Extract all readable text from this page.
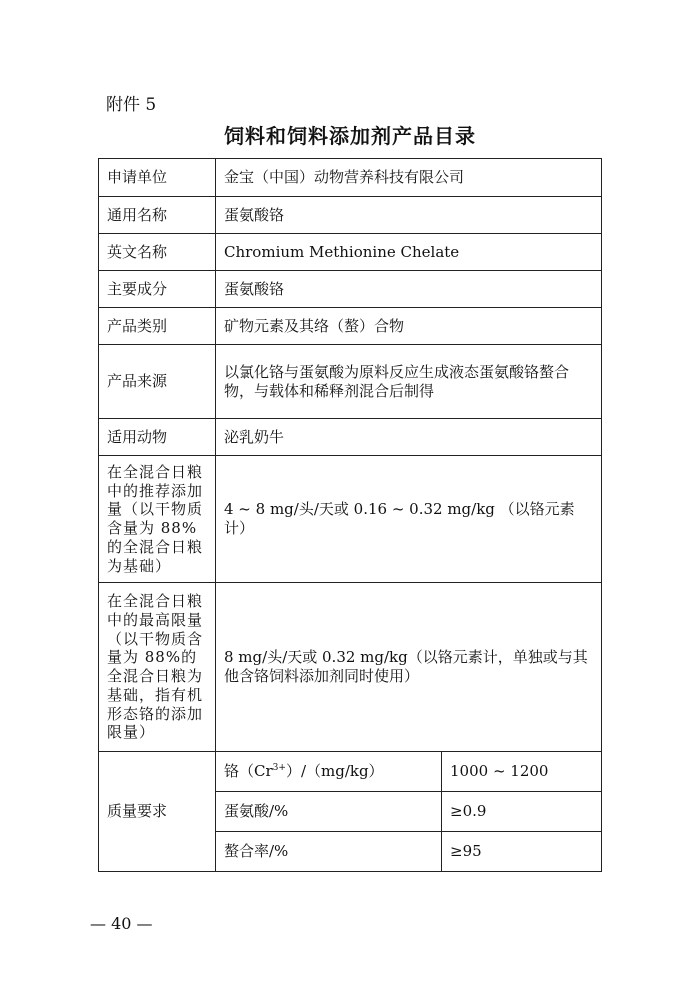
附件 5
饲料和饲料添加剂产品目录
申请单位	金宝（中国）动物营养科技有限公司	
通用名称	蛋氨酸铬	
英文名称	Chromium Methionine Chelate	
主要成分	蛋氨酸铬	
产品类别	矿物元素及其络（螯）合物	
产品来源	以氯化铬与蛋氨酸为原料反应生成液态蛋氨酸铬螯合物，与载体和稀释剂混合后制得	
适用动物	泌乳奶牛	
在全混合日粮中的推荐添加量（以干物质含量为 88%的全混合日粮为基础）	4 ~ 8 mg/头/天或 0.16 ~ 0.32 mg/kg （以铬元素计）	
在全混合日粮中的最高限量（以干物质含量为 88%的全混合日粮为基础，指有机形态铬的添加限量）	8 mg/头/天或 0.32 mg/kg（以铬元素计，单独或与其他含铬饲料添加剂同时使用）	
质量要求	铬$(Cr^{3+})/(mg/kg)$	1000 ~ 1200
	蛋氨酸/%	≥0.9
	螯合率/%	≥95
— 40 —
